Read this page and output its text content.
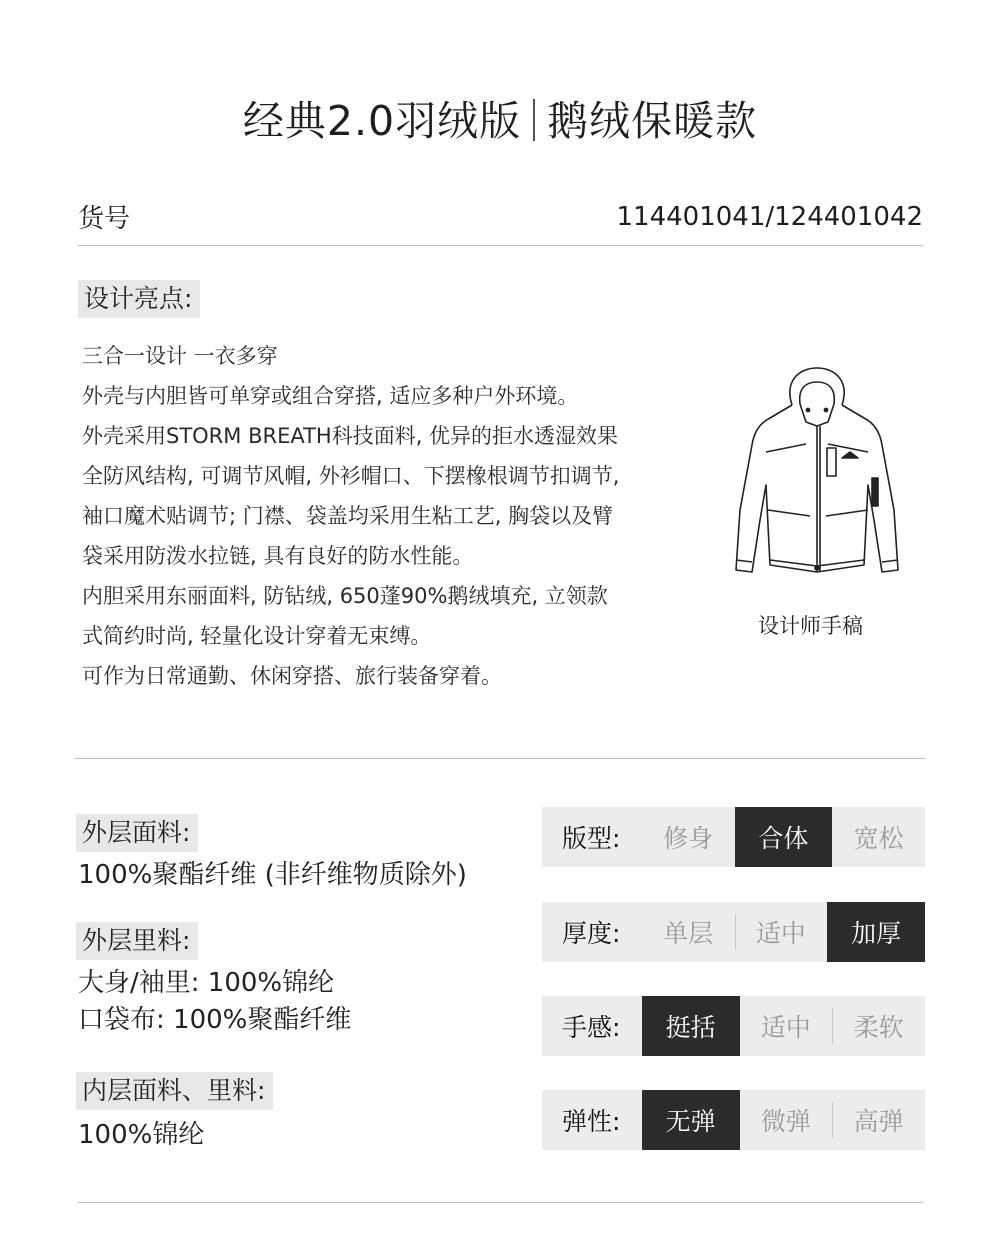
经典2.0羽绒版 鹅绒保暖款
货号	114401041/124401042
设计亮点:

三合一设计 一衣多穿

外壳与内胆皆可单穿或组合穿搭, 适应多种户外环境。

外壳采用STORM BREATH科技面料, 优异的拒水透湿效果

全防风结构, 可调节风帽, 外衫帽口、下摆橡根调节扣调节,

袖口魔术贴调节; 门襟、袋盖均采用生粘工艺, 胸袋以及臂

袋采用防泼水拉链, 具有良好的防水性能。

内胆采用东丽面料, 防钻绒, 650蓬90%鹅绒填充, 立领款

式简约时尚, 轻量化设计穿着无束缚。

可作为日常通勤、休闲穿搭、旅行装备穿着。

设计师手稿
外层面料:
100%聚酯纤维 (非纤维物质除外)
外层里料:
大身/袖里: 100%锦纶
口袋布: 100%聚酯纤维
内层面料、里料:
100%锦纶
版型:	修身	合体	宽松
厚度:	单层	适中	加厚
手感:	挺括	适中	柔软
弹性:	无弹	微弹	高弹
